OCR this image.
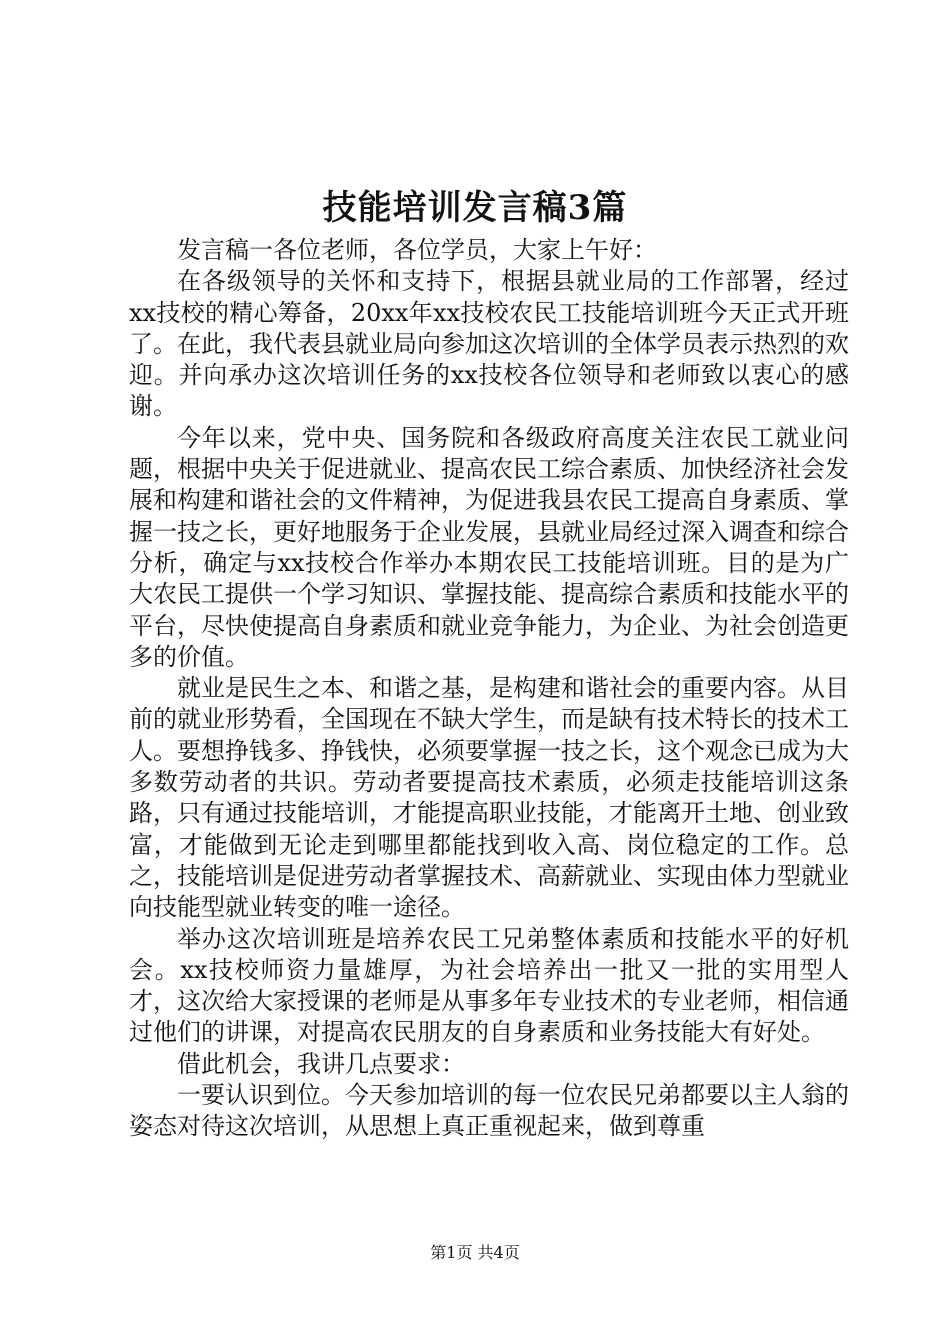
技能培训发言稿3篇

发言稿一各位老师，各位学员，大家上午好：

在各级领导的关怀和支持下，根据县就业局的工作部署，经过xx技校的精心筹备，20xx年xx技校农民工技能培训班今天正式开班了。在此，我代表县就业局向参加这次培训的全体学员表示热烈的欢迎。并向承办这次培训任务的xx技校各位领导和老师致以衷心的感谢。

今年以来，党中央、国务院和各级政府高度关注农民工就业问题，根据中央关于促进就业、提高农民工综合素质、加快经济社会发展和构建和谐社会的文件精神，为促进我县农民工提高自身素质、掌握一技之长，更好地服务于企业发展，县就业局经过深入调查和综合分析，确定与xx技校合作举办本期农民工技能培训班。目的是为广大农民工提供一个学习知识、掌握技能、提高综合素质和技能水平的平台，尽快使提高自身素质和就业竞争能力，为企业、为社会创造更多的价值。

就业是民生之本、和谐之基，是构建和谐社会的重要内容。从目前的就业形势看，全国现在不缺大学生，而是缺有技术特长的技术工人。要想挣钱多、挣钱快，必须要掌握一技之长，这个观念已成为大多数劳动者的共识。劳动者要提高技术素质，必须走技能培训这条路，只有通过技能培训，才能提高职业技能，才能离开土地、创业致富，才能做到无论走到哪里都能找到收入高、岗位稳定的工作。总之，技能培训是促进劳动者掌握技术、高薪就业、实现由体力型就业向技能型就业转变的唯一途径。

举办这次培训班是培养农民工兄弟整体素质和技能水平的好机会。xx技校师资力量雄厚，为社会培养出一批又一批的实用型人才，这次给大家授课的老师是从事多年专业技术的专业老师，相信通过他们的讲课，对提高农民朋友的自身素质和业务技能大有好处。

借此机会，我讲几点要求：

一要认识到位。今天参加培训的每一位农民兄弟都要以主人翁的姿态对待这次培训，从思想上真正重视起来，做到尊重

第1页 共4页
